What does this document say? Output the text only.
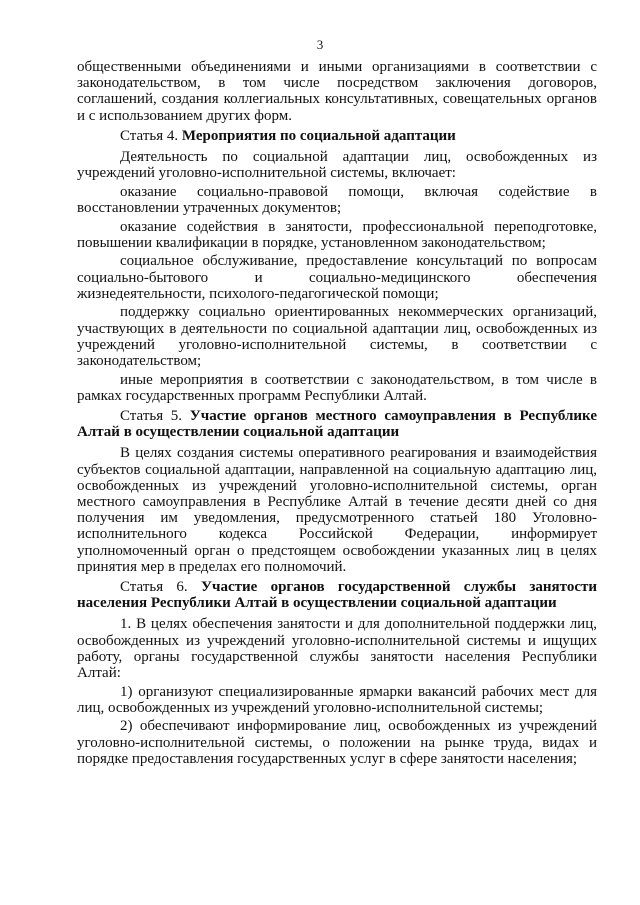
3

общественными объединениями и иными организациями в соответствии с законодательством, в том числе посредством заключения договоров, соглашений, создания коллегиальных консультативных, совещательных органов и с использованием других форм.

Статья 4. Мероприятия по социальной адаптации

Деятельность по социальной адаптации лиц, освобожденных из учреждений уголовно-исполнительной системы, включает:

оказание социально-правовой помощи, включая содействие в восстановлении утраченных документов;

оказание содействия в занятости, профессиональной переподготовке, повышении квалификации в порядке, установленном законодательством;

социальное обслуживание, предоставление консультаций по вопросам социально-бытового и социально-медицинского обеспечения жизнедеятельности, психолого-педагогической помощи;

поддержку социально ориентированных некоммерческих организаций, участвующих в деятельности по социальной адаптации лиц, освобожденных из учреждений уголовно-исполнительной системы, в соответствии с законодательством;

иные мероприятия в соответствии с законодательством, в том числе в рамках государственных программ Республики Алтай.

Статья 5. Участие органов местного самоуправления в Республике Алтай в осуществлении социальной адаптации

В целях создания системы оперативного реагирования и взаимодействия субъектов социальной адаптации, направленной на социальную адаптацию лиц, освобожденных из учреждений уголовно-исполнительной системы, орган местного самоуправления в Республике Алтай в течение десяти дней со дня получения им уведомления, предусмотренного статьей 180 Уголовно-исполнительного кодекса Российской Федерации, информирует уполномоченный орган о предстоящем освобождении указанных лиц в целях принятия мер в пределах его полномочий.

Статья 6. Участие органов государственной службы занятости населения Республики Алтай в осуществлении социальной адаптации

1. В целях обеспечения занятости и для дополнительной поддержки лиц, освобожденных из учреждений уголовно-исполнительной системы и ищущих работу, органы государственной службы занятости населения Республики Алтай:

1) организуют специализированные ярмарки вакансий рабочих мест для лиц, освобожденных из учреждений уголовно-исполнительной системы;

2) обеспечивают информирование лиц, освобожденных из учреждений уголовно-исполнительной системы, о положении на рынке труда, видах и порядке предоставления государственных услуг в сфере занятости населения;
